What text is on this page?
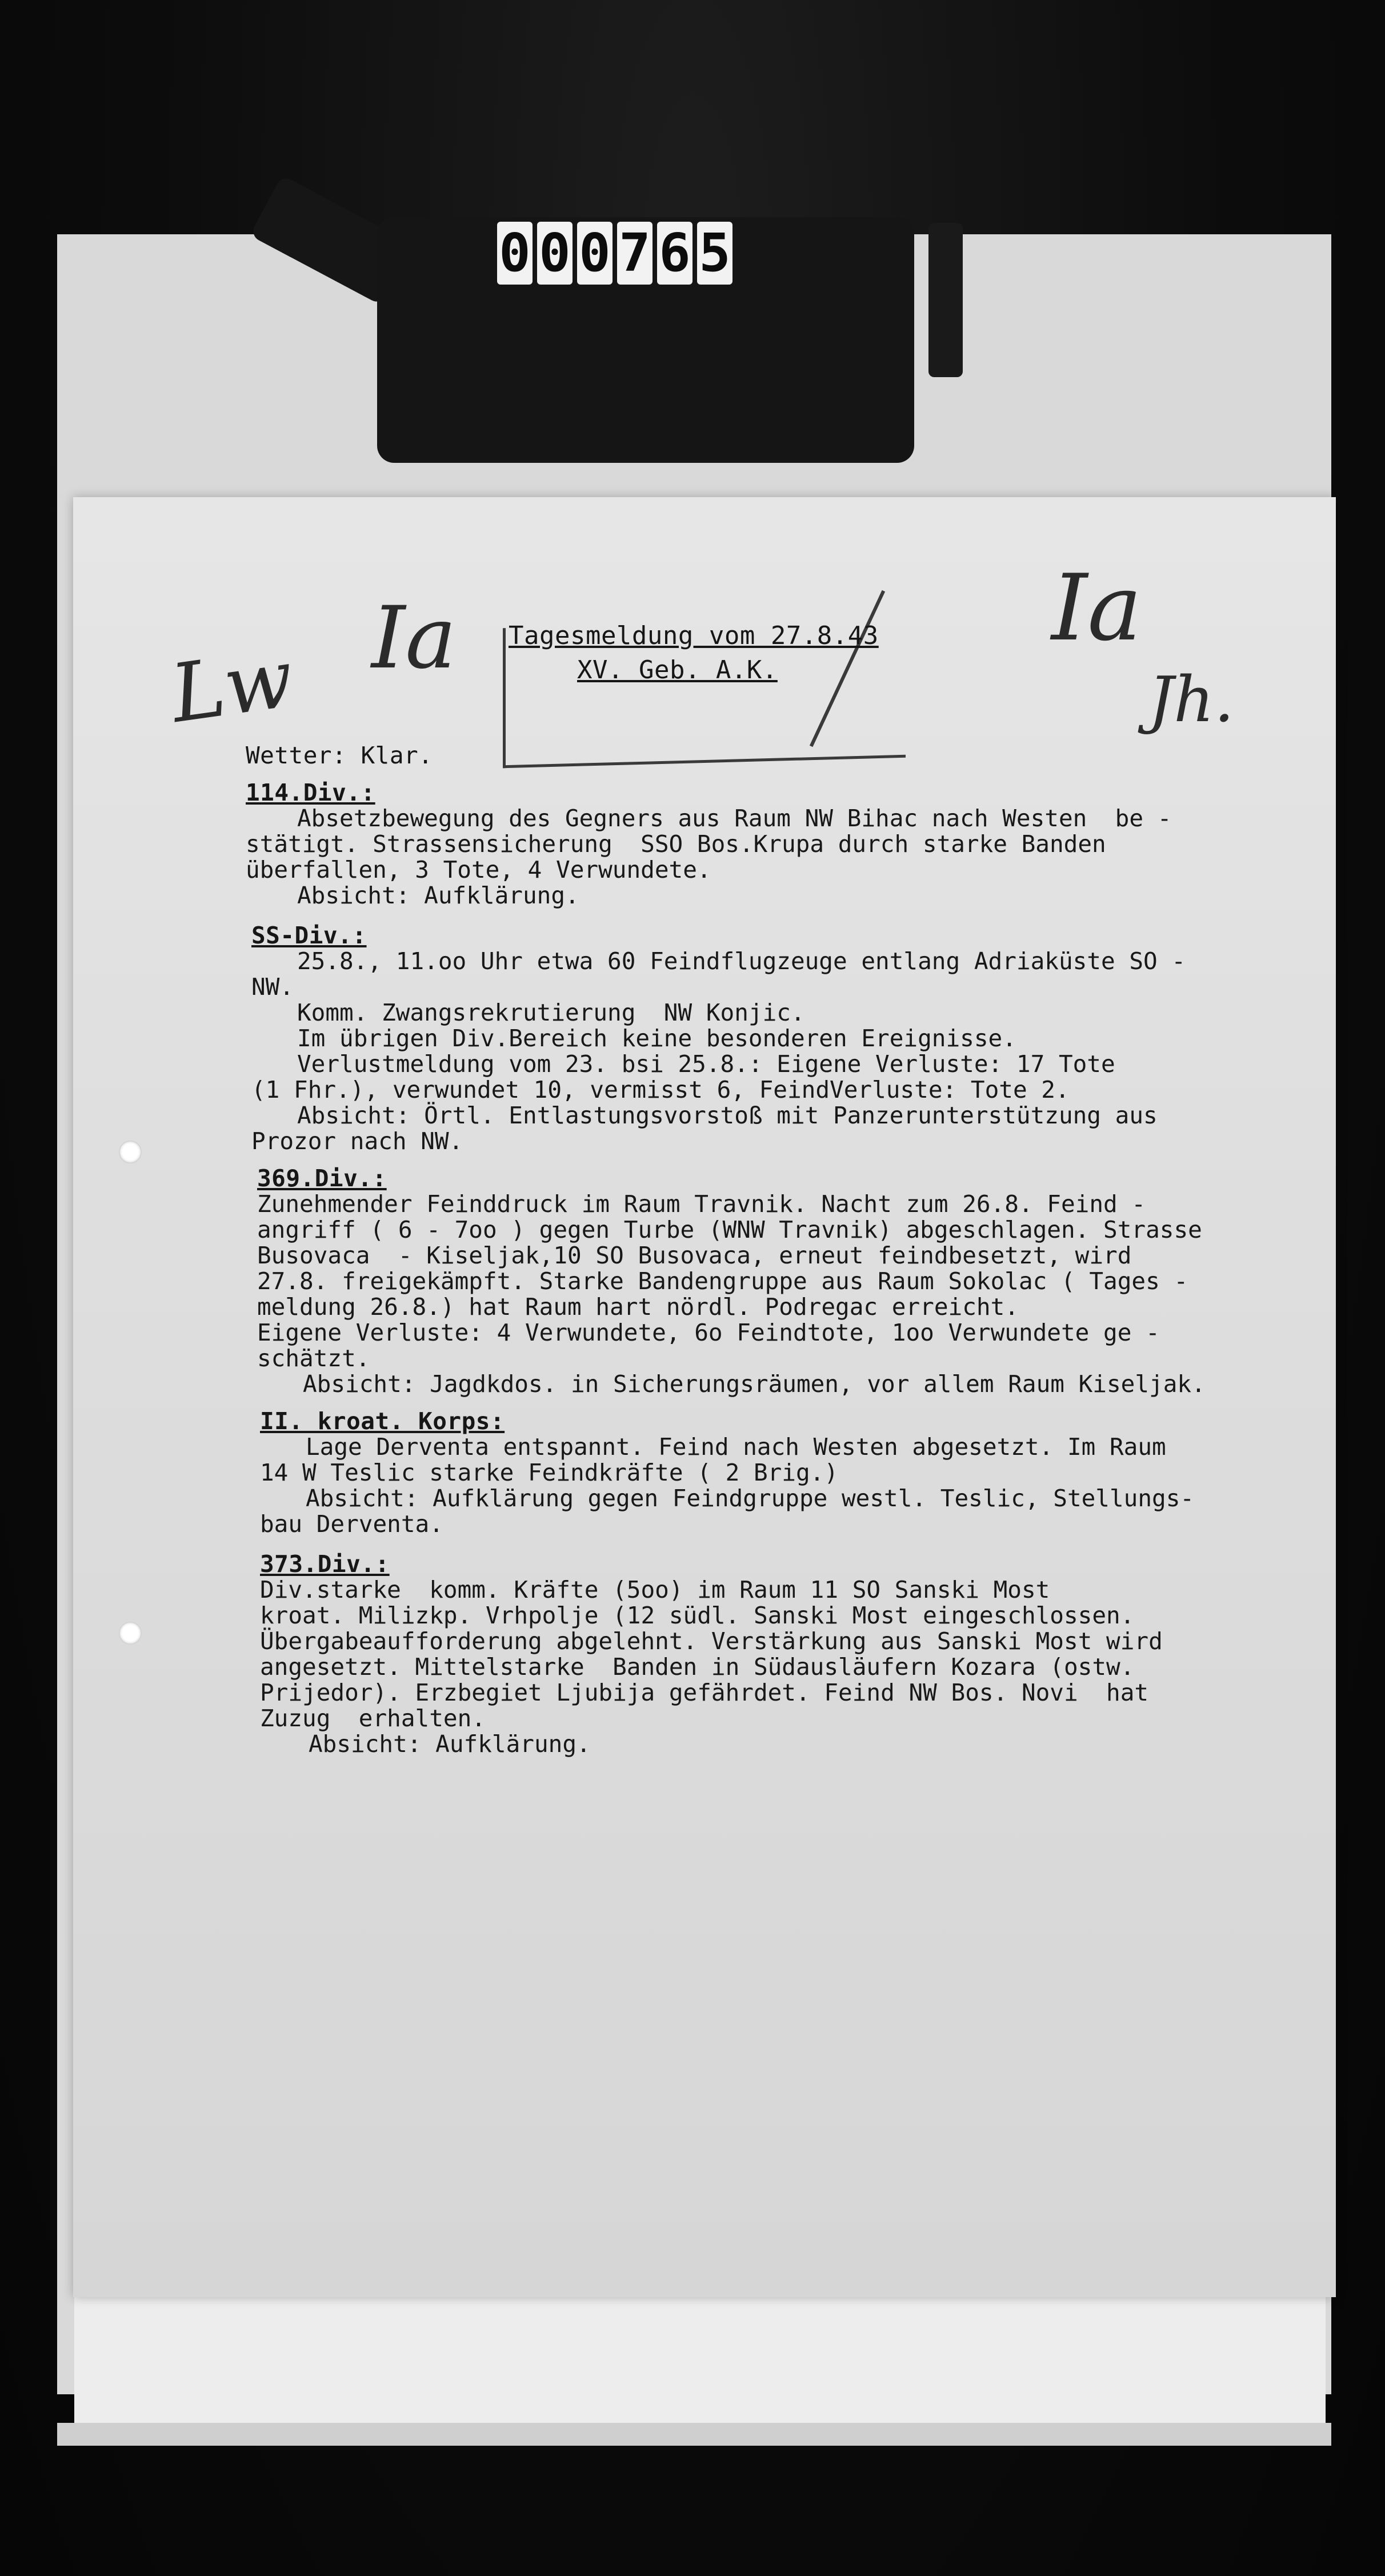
0 0 0 7 6 5
Lw Ia	Ia
Jh.
Tagesmeldung vom 27.8.43
XV. Geb. A.K.
Wetter: Klar.
114.Div.:
Absetzbewegung des Gegners aus Raum NW Bihac nach Westen  be -
stätigt. Strassensicherung  SSO Bos.Krupa durch starke Banden
überfallen, 3 Tote, 4 Verwundete.
Absicht: Aufklärung.
SS-Div.:
25.8., 11.oo Uhr etwa 60 Feindflugzeuge entlang Adriaküste SO -
NW.
Komm. Zwangsrekrutierung  NW Konjic.
Im übrigen Div.Bereich keine besonderen Ereignisse.
Verlustmeldung vom 23. bsi 25.8.: Eigene Verluste: 17 Tote
(1 Fhr.), verwundet 10, vermisst 6, FeindVerluste: Tote 2.
Absicht: Örtl. Entlastungsvorstoß mit Panzerunterstützung aus
Prozor nach NW.
369.Div.:
Zunehmender Feinddruck im Raum Travnik. Nacht zum 26.8. Feind -
angriff ( 6 - 7oo ) gegen Turbe (WNW Travnik) abgeschlagen. Strasse
Busovaca  - Kiseljak,10 SO Busovaca, erneut feindbesetzt, wird
27.8. freigekämpft. Starke Bandengruppe aus Raum Sokolac ( Tages -
meldung 26.8.) hat Raum hart nördl. Podregac erreicht.
Eigene Verluste: 4 Verwundete, 6o Feindtote, 1oo Verwundete ge -
schätzt.
Absicht: Jagdkdos. in Sicherungsräumen, vor allem Raum Kiseljak.
II. kroat. Korps:
Lage Derventa entspannt. Feind nach Westen abgesetzt. Im Raum
14 W Teslic starke Feindkräfte ( 2 Brig.)
Absicht: Aufklärung gegen Feindgruppe westl. Teslic, Stellungs-
bau Derventa.
373.Div.:
Div.starke  komm. Kräfte (5oo) im Raum 11 SO Sanski Most
kroat. Milizkp. Vrhpolje (12 südl. Sanski Most eingeschlossen.
Übergabeaufforderung abgelehnt. Verstärkung aus Sanski Most wird
angesetzt. Mittelstarke  Banden in Südausläufern Kozara (ostw.
Prijedor). Erzbegiet Ljubija gefährdet. Feind NW Bos. Novi  hat
Zuzug  erhalten.
Absicht: Aufklärung.
